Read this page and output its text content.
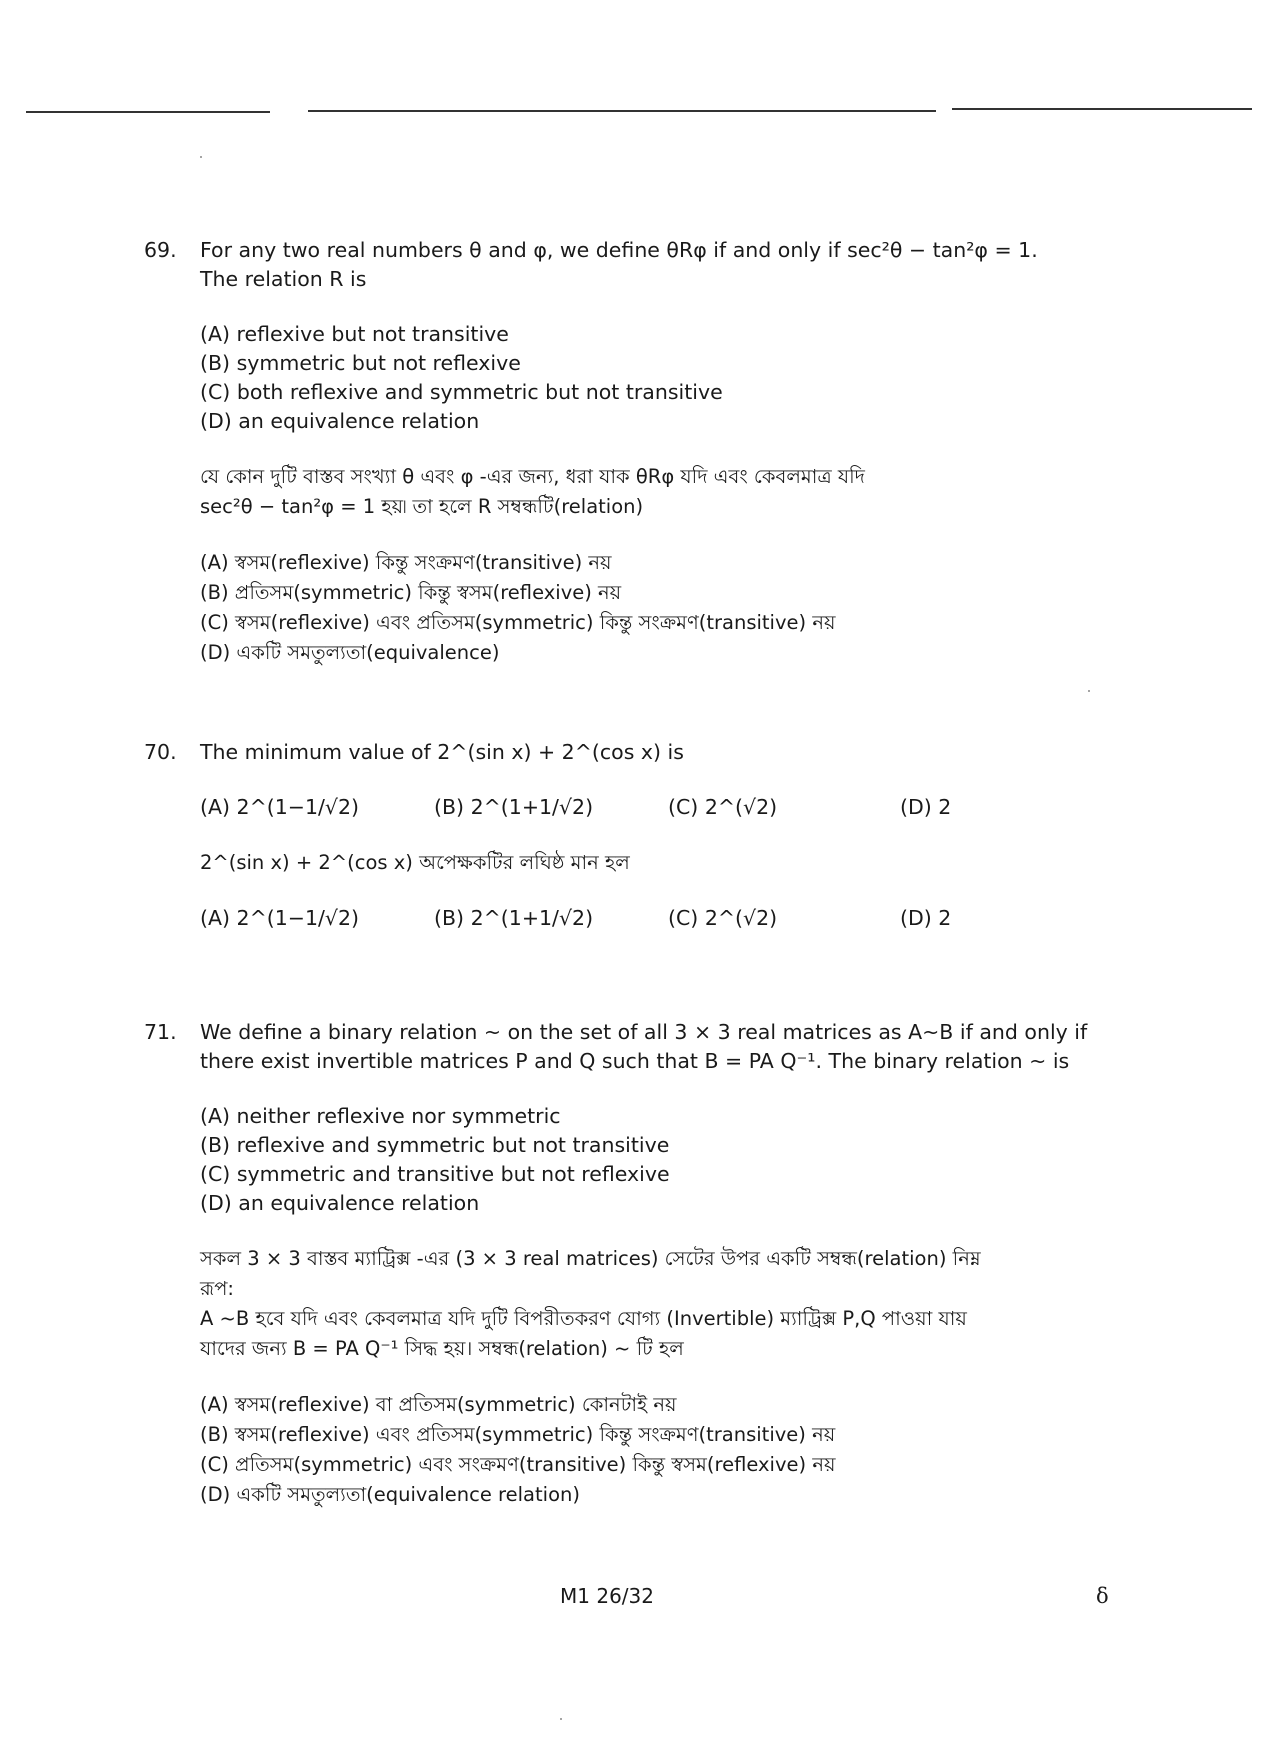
69.	For any two real numbers θ and φ, we define θRφ if and only if sec²θ − tan²φ = 1.

The relation R is

(A) reflexive but not transitive

(B) symmetric but not reflexive

(C) both reflexive and symmetric but not transitive

(D) an equivalence relation

যে কোন দুটি বাস্তব সংখ্যা θ এবং φ -এর জন্য, ধরা যাক θRφ যদি এবং কেবলমাত্র যদি

sec²θ − tan²φ = 1 হয়৷ তা হলে R সম্বন্ধটি(relation)

(A) স্বসম(reflexive) কিন্তু সংক্রমণ(transitive) নয়

(B) প্রতিসম(symmetric) কিন্তু স্বসম(reflexive) নয়

(C) স্বসম(reflexive) এবং প্রতিসম(symmetric) কিন্তু সংক্রমণ(transitive) নয়

(D) একটি সমতুল্যতা(equivalence)

70.	The minimum value of 2^(sin x) + 2^(cos x) is

(A) 2^(1−1/√2)	(B) 2^(1+1/√2)	(C) 2^(√2)	(D) 2

2^(sin x) + 2^(cos x) অপেক্ষকটির লঘিষ্ঠ মান হল

(A) 2^(1−1/√2)	(B) 2^(1+1/√2)	(C) 2^(√2)	(D) 2
71.	We define a binary relation ~ on the set of all 3 × 3 real matrices as A~B if and only if

there exist invertible matrices P and Q such that B = PA Q⁻¹. The binary relation ~ is

(A) neither reflexive nor symmetric

(B) reflexive and symmetric but not transitive

(C) symmetric and transitive but not reflexive

(D) an equivalence relation

সকল 3 × 3 বাস্তব ম্যাট্রিক্স -এর (3 × 3 real matrices) সেটের উপর একটি সম্বন্ধ(relation) নিম্ন

রূপ:

A ~B হবে যদি এবং কেবলমাত্র যদি দুটি বিপরীতকরণ যোগ্য (Invertible) ম্যাট্রিক্স P,Q পাওয়া যায়

যাদের জন্য B = PA Q⁻¹ সিদ্ধ হয়। সম্বন্ধ(relation) ~ টি হল

(A) স্বসম(reflexive) বা প্রতিসম(symmetric) কোনটাই নয়

(B) স্বসম(reflexive) এবং প্রতিসম(symmetric) কিন্তু সংক্রমণ(transitive) নয়

(C) প্রতিসম(symmetric) এবং সংক্রমণ(transitive) কিন্তু স্বসম(reflexive) নয়

(D) একটি সমতুল্যতা(equivalence relation)

M1 26/32	δ
